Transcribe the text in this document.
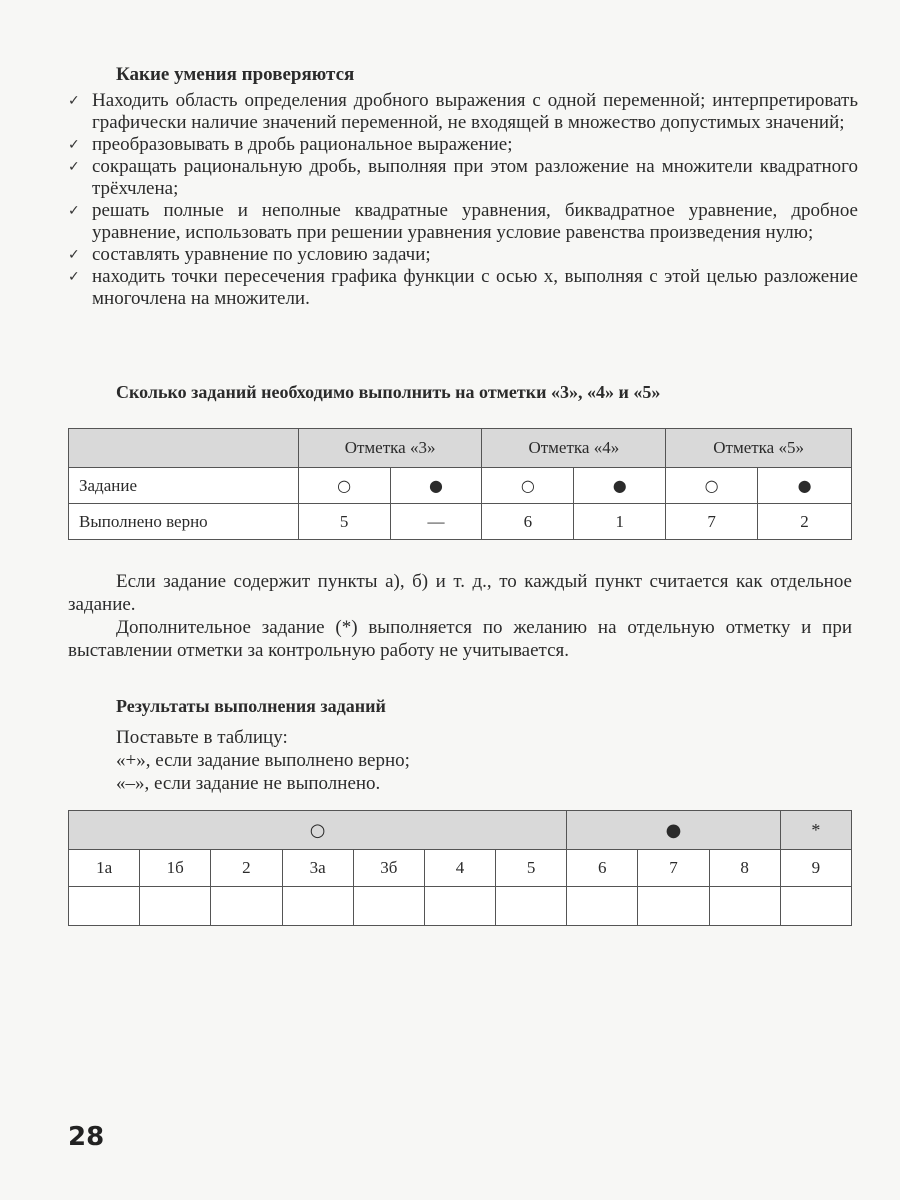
Какие умения проверяются
✓ Находить область определения дробного выражения с одной переменной; интерпретировать графически наличие значений переменной, не входящей в множество допустимых значений;
✓ преобразовывать в дробь рациональное выражение;
✓ сокращать рациональную дробь, выполняя при этом разложение на множители квадратного трёхчлена;
✓ решать полные и неполные квадратные уравнения, биквадратное уравнение, дробное уравнение, использовать при решении уравнения условие равенства произведения нулю;
✓ составлять уравнение по условию задачи;
✓ находить точки пересечения графика функции с осью x, выполняя с этой целью разложение многочлена на множители.
Сколько заданий необходимо выполнить на отметки «3», «4» и «5»
	Отметка «3»		Отметка «4»		Отметка «5»	
Задание	○	●	○	●	○	●
Выполнено верно	5	—	6	1	7	2

Если задание содержит пункты а), б) и т. д., то каждый пункт считается как отдельное задание.

Дополнительное задание (*) выполняется по желанию на отдельную отметку и при выставлении отметки за контрольную работу не учитывается.

Результаты выполнения заданий
Поставьте в таблицу:
«+», если задание выполнено верно;
«–», если задание не выполнено.
○							●			*
1а	1б	2	3а	3б	4	5	6	7	8	9

28
